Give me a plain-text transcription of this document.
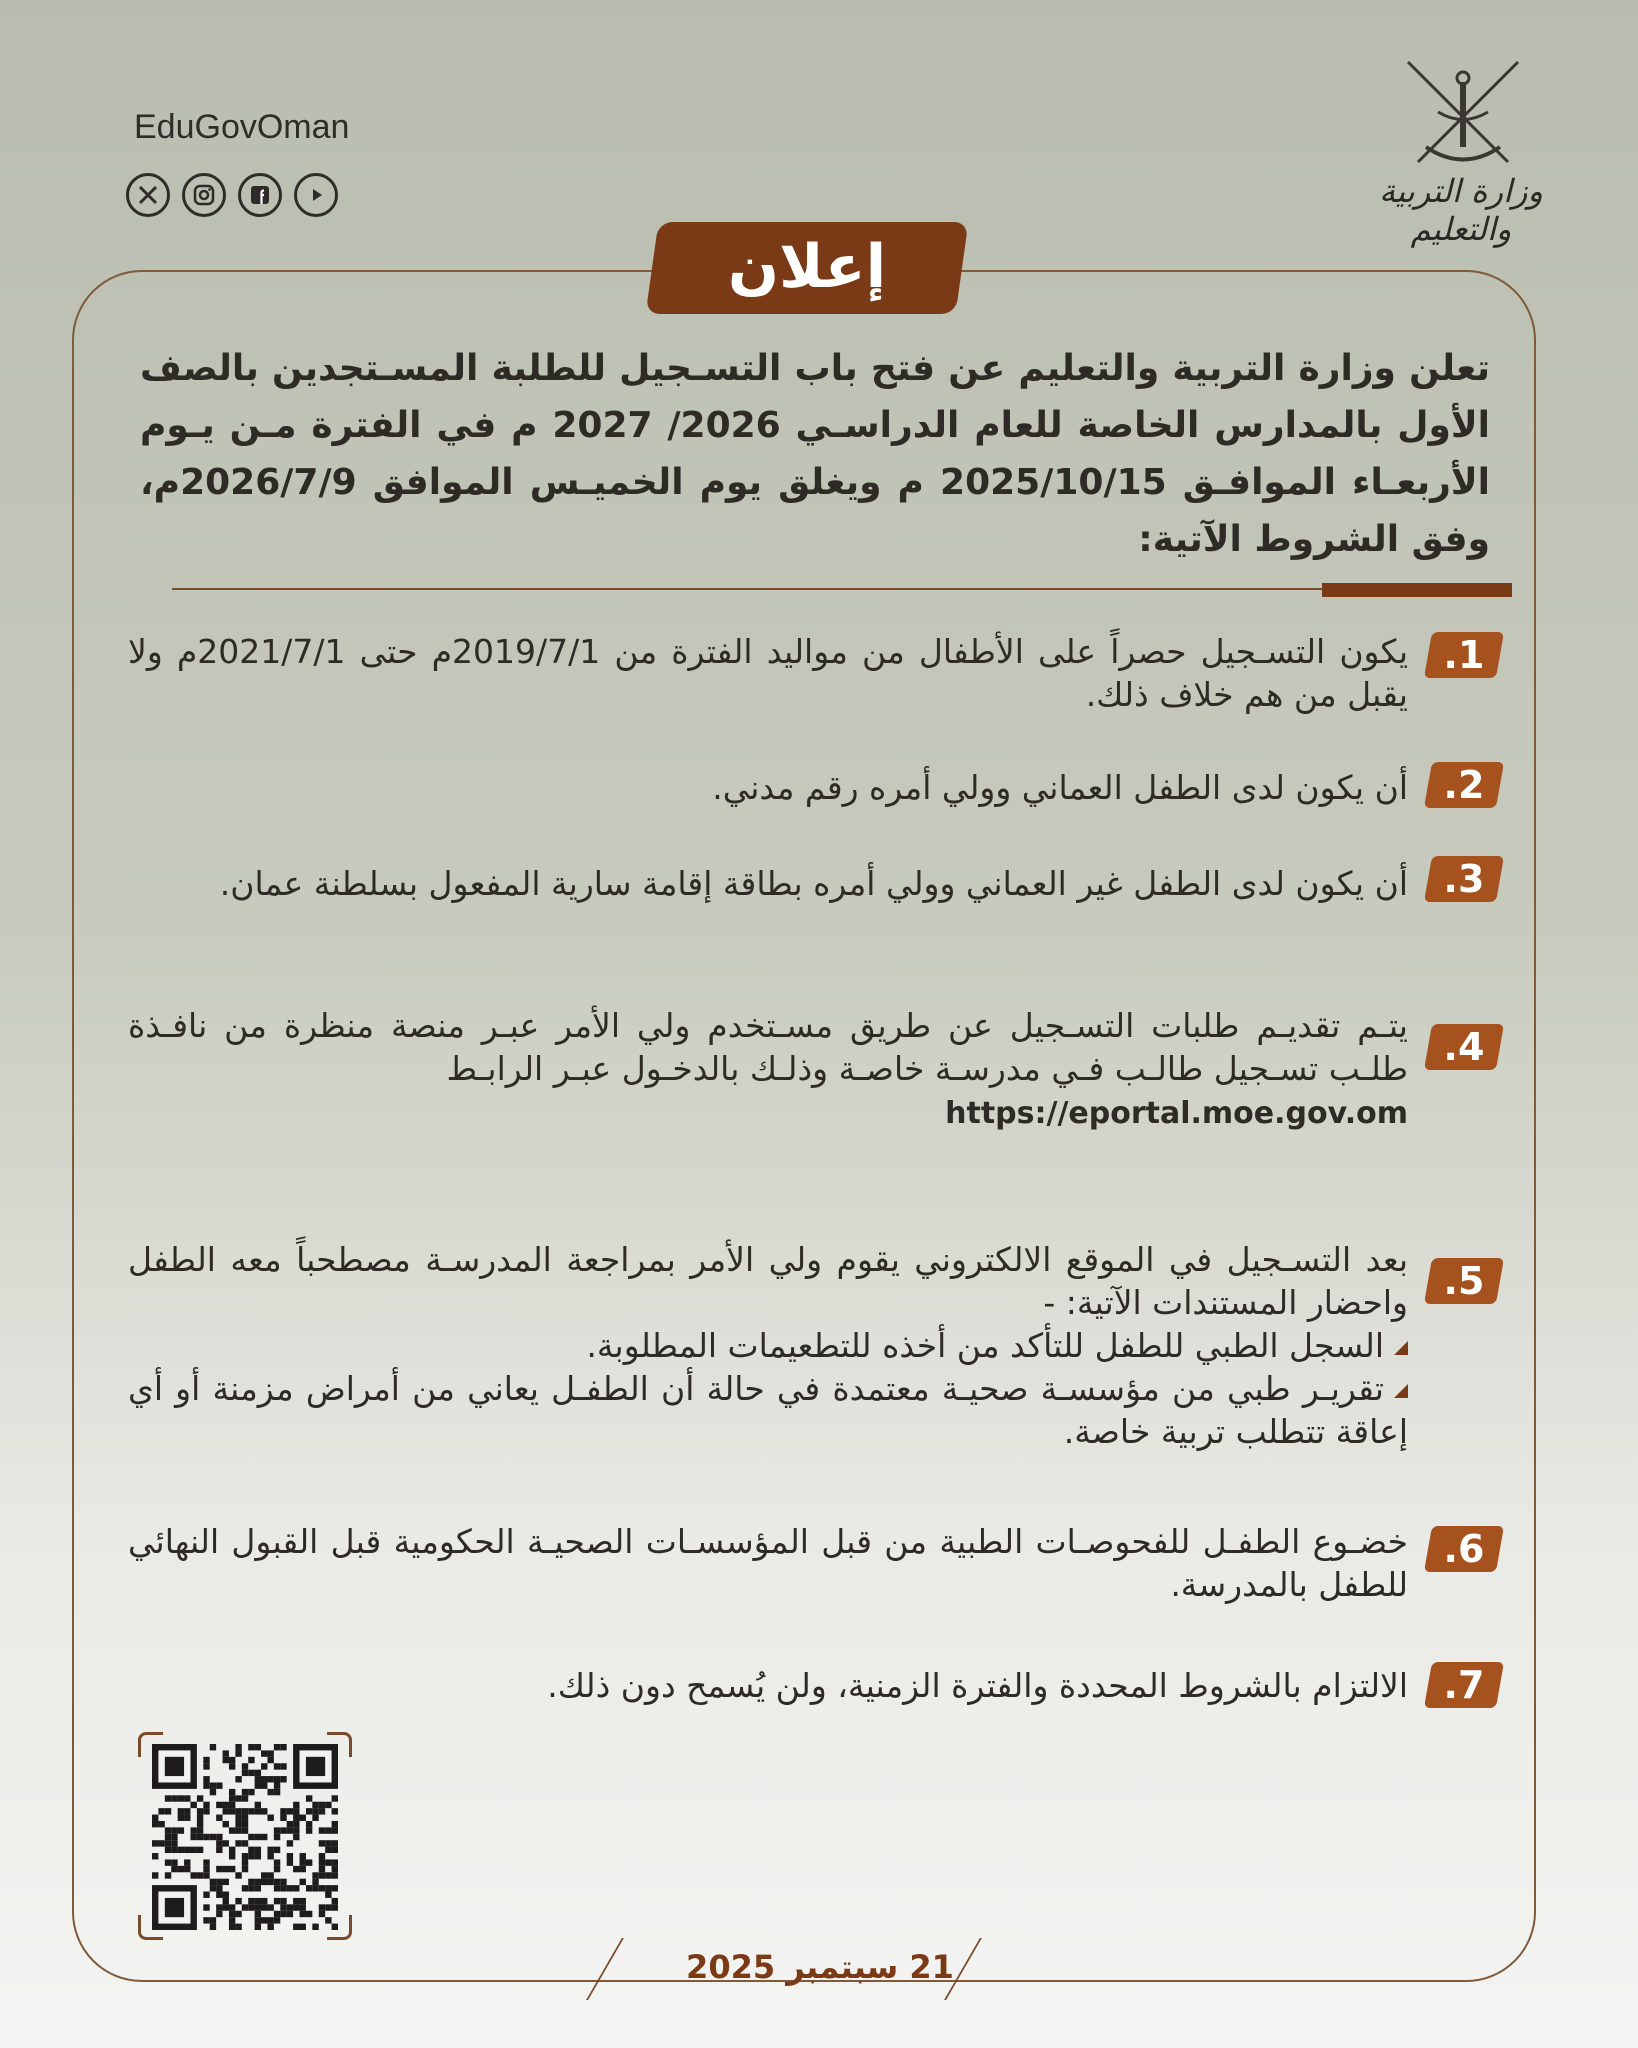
EduGovOman
وزارة التربية والتعليم
إعلان
تعلن وزارة التربية والتعليم عن فتح باب التسـجيل للطلبة المسـتجدين بالصف الأول بالمدارس الخاصة للعام الدراسـي 2026/ 2027 م في الفترة مـن يـوم الأربعـاء الموافـق 2025/10/15 م ويغلق يوم الخميـس الموافق 2026/7/9م، وفق الشروط الآتية:
1.
يكون التسـجيل حصراً على الأطفال من مواليد الفترة من 2019/7/1م حتى 2021/7/1م ولا يقبل من هم خلاف ذلك.
2.
أن يكون لدى الطفل العماني وولي أمره رقم مدني.
3.
أن يكون لدى الطفل غير العماني وولي أمره بطاقة إقامة سارية المفعول بسلطنة عمان.
4.
يتـم تقديـم طلبات التسـجيل عن طريق مسـتخدم ولي الأمر عبـر منصة منظرة من نافـذة طلـب تسـجيل طالـب فـي مدرسـة خاصـة وذلـك بالدخـول عبـر الرابـط
https://eportal.moe.gov.om
5.
بعد التسـجيل في الموقع الالكتروني يقوم ولي الأمر بمراجعة المدرسـة مصطحباً معه الطفل واحضار المستندات الآتية: -
السجل الطبي للطفل للتأكد من أخذه للتطعيمات المطلوبة.
تقريـر طبي من مؤسسـة صحيـة معتمدة في حالة أن الطفـل يعاني من أمراض مزمنة أو أي إعاقة تتطلب تربية خاصة.
6.
خضـوع الطفـل للفحوصـات الطبية من قبل المؤسسـات الصحيـة الحكومية قبل القبول النهائي للطفل بالمدرسة.
7.
الالتزام بالشروط المحددة والفترة الزمنية، ولن يُسمح دون ذلك.
21 سبتمبر 2025
